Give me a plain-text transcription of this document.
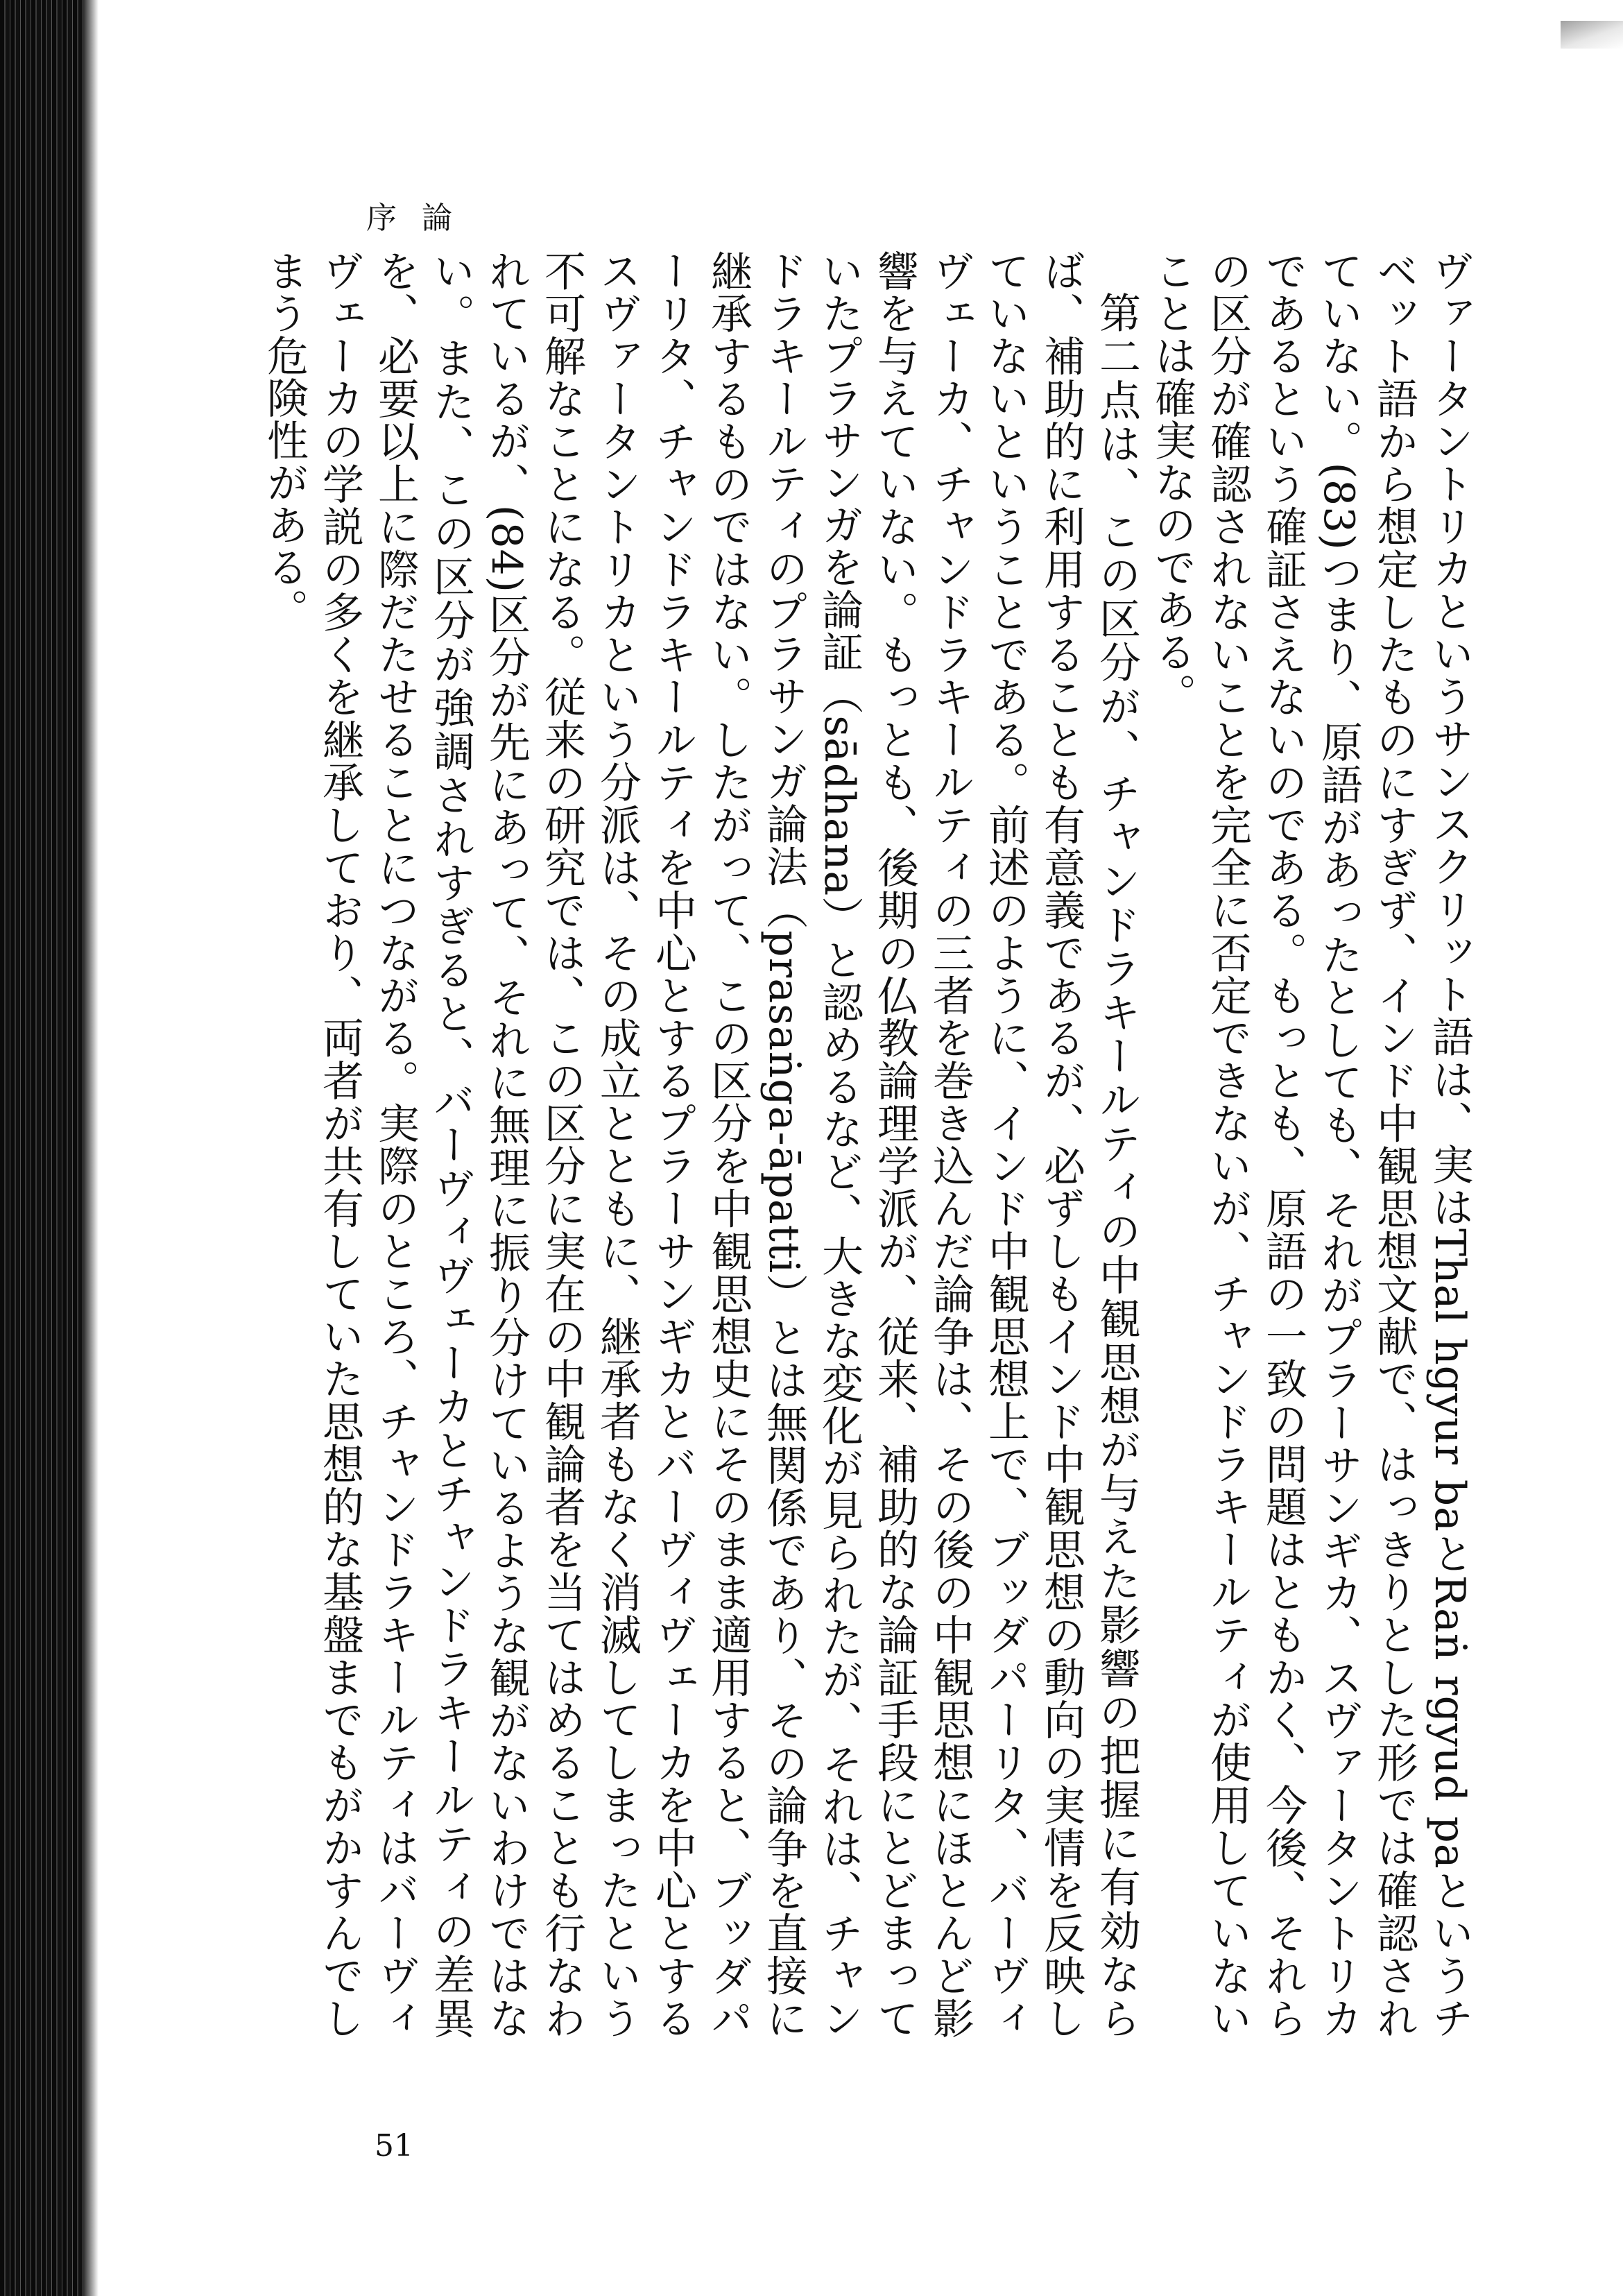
序論

ヴァータントリカというサンスクリット語は、実はThal hgyur baとRaṅ rgyud paというチベット語から想定したものにすぎず、インド中観思想文献で、はっきりとした形では確認されていない。(83)つまり、原語があったとしても、それがプラーサンギカ、スヴァータントリカであるという確証さえないのである。もっとも、原語の一致の問題はともかく、今後、それらの区分が確認されないことを完全に否定できないが、チャンドラキールティが使用していないことは確実なのである。

第二点は、この区分が、チャンドラキールティの中観思想が与えた影響の把握に有効ならば、補助的に利用することも有意義であるが、必ずしもインド中観思想の動向の実情を反映していないということである。前述のように、インド中観思想上で、ブッダパーリタ、バーヴィヴェーカ、チャンドラキールティの三者を巻き込んだ論争は、その後の中観思想にほとんど影響を与えていない。もっとも、後期の仏教論理学派が、従来、補助的な論証手段にとどまっていたプラサンガを論証（sādhana）と認めるなど、大きな変化が見られたが、それは、チャンドラキールティのプラサンガ論法（prasaṅga-āpatti）とは無関係であり、その論争を直接に継承するものではない。したがって、この区分を中観思想史にそのまま適用すると、ブッダパーリタ、チャンドラキールティを中心とするプラーサンギカとバーヴィヴェーカを中心とするスヴァータントリカという分派は、その成立とともに、継承者もなく消滅してしまったという不可解なことになる。従来の研究では、この区分に実在の中観論者を当てはめることも行なわれているが、(84)区分が先にあって、それに無理に振り分けているような観がないわけではない。また、この区分が強調されすぎると、バーヴィヴェーカとチャンドラキールティの差異を、必要以上に際だたせることにつながる。実際のところ、チャンドラキールティはバーヴィヴェーカの学説の多くを継承しており、両者が共有していた思想的な基盤までもがかすんでしまう危険性がある。

51
